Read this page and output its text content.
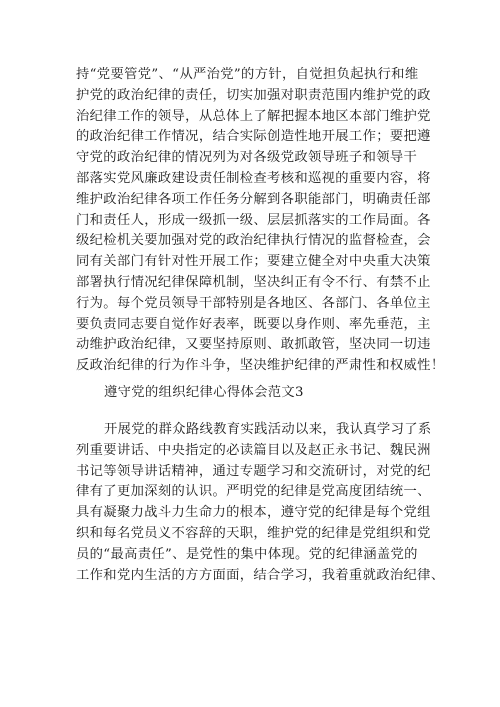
持“党要管党”、“从严治党”的方针，自觉担负起执行和维
护党的政治纪律的责任，切实加强对职责范围内维护党的政
治纪律工作的领导，从总体上了解把握本地区本部门维护党
的政治纪律工作情况，结合实际创造性地开展工作；要把遵
守党的政治纪律的情况列为对各级党政领导班子和领导干
部落实党风廉政建设责任制检查考核和巡视的重要内容，将
维护政治纪律各项工作任务分解到各职能部门，明确责任部
门和责任人，形成一级抓一级、层层抓落实的工作局面。各
级纪检机关要加强对党的政治纪律执行情况的监督检查，会
同有关部门有针对性开展工作；要建立健全对中央重大决策
部署执行情况纪律保障机制，坚决纠正有令不行、有禁不止
行为。每个党员领导干部特别是各地区、各部门、各单位主
要负责同志要自觉作好表率，既要以身作则、率先垂范，主
动维护政治纪律，又要坚持原则、敢抓敢管，坚决同一切违
反政治纪律的行为作斗争，坚决维护纪律的严肃性和权威性！
遵守党的组织纪律心得体会范文3
开展党的群众路线教育实践活动以来，我认真学习了系
列重要讲话、中央指定的必读篇目以及赵正永书记、魏民洲
书记等领导讲话精神，通过专题学习和交流研讨，对党的纪
律有了更加深刻的认识。严明党的纪律是党高度团结统一、
具有凝聚力战斗力生命力的根本，遵守党的纪律是每个党组
织和每名党员义不容辞的天职，维护党的纪律是党组织和党
员的“最高责任”、是党性的集中体现。党的纪律涵盖党的
工作和党内生活的方方面面，结合学习，我着重就政治纪律、
